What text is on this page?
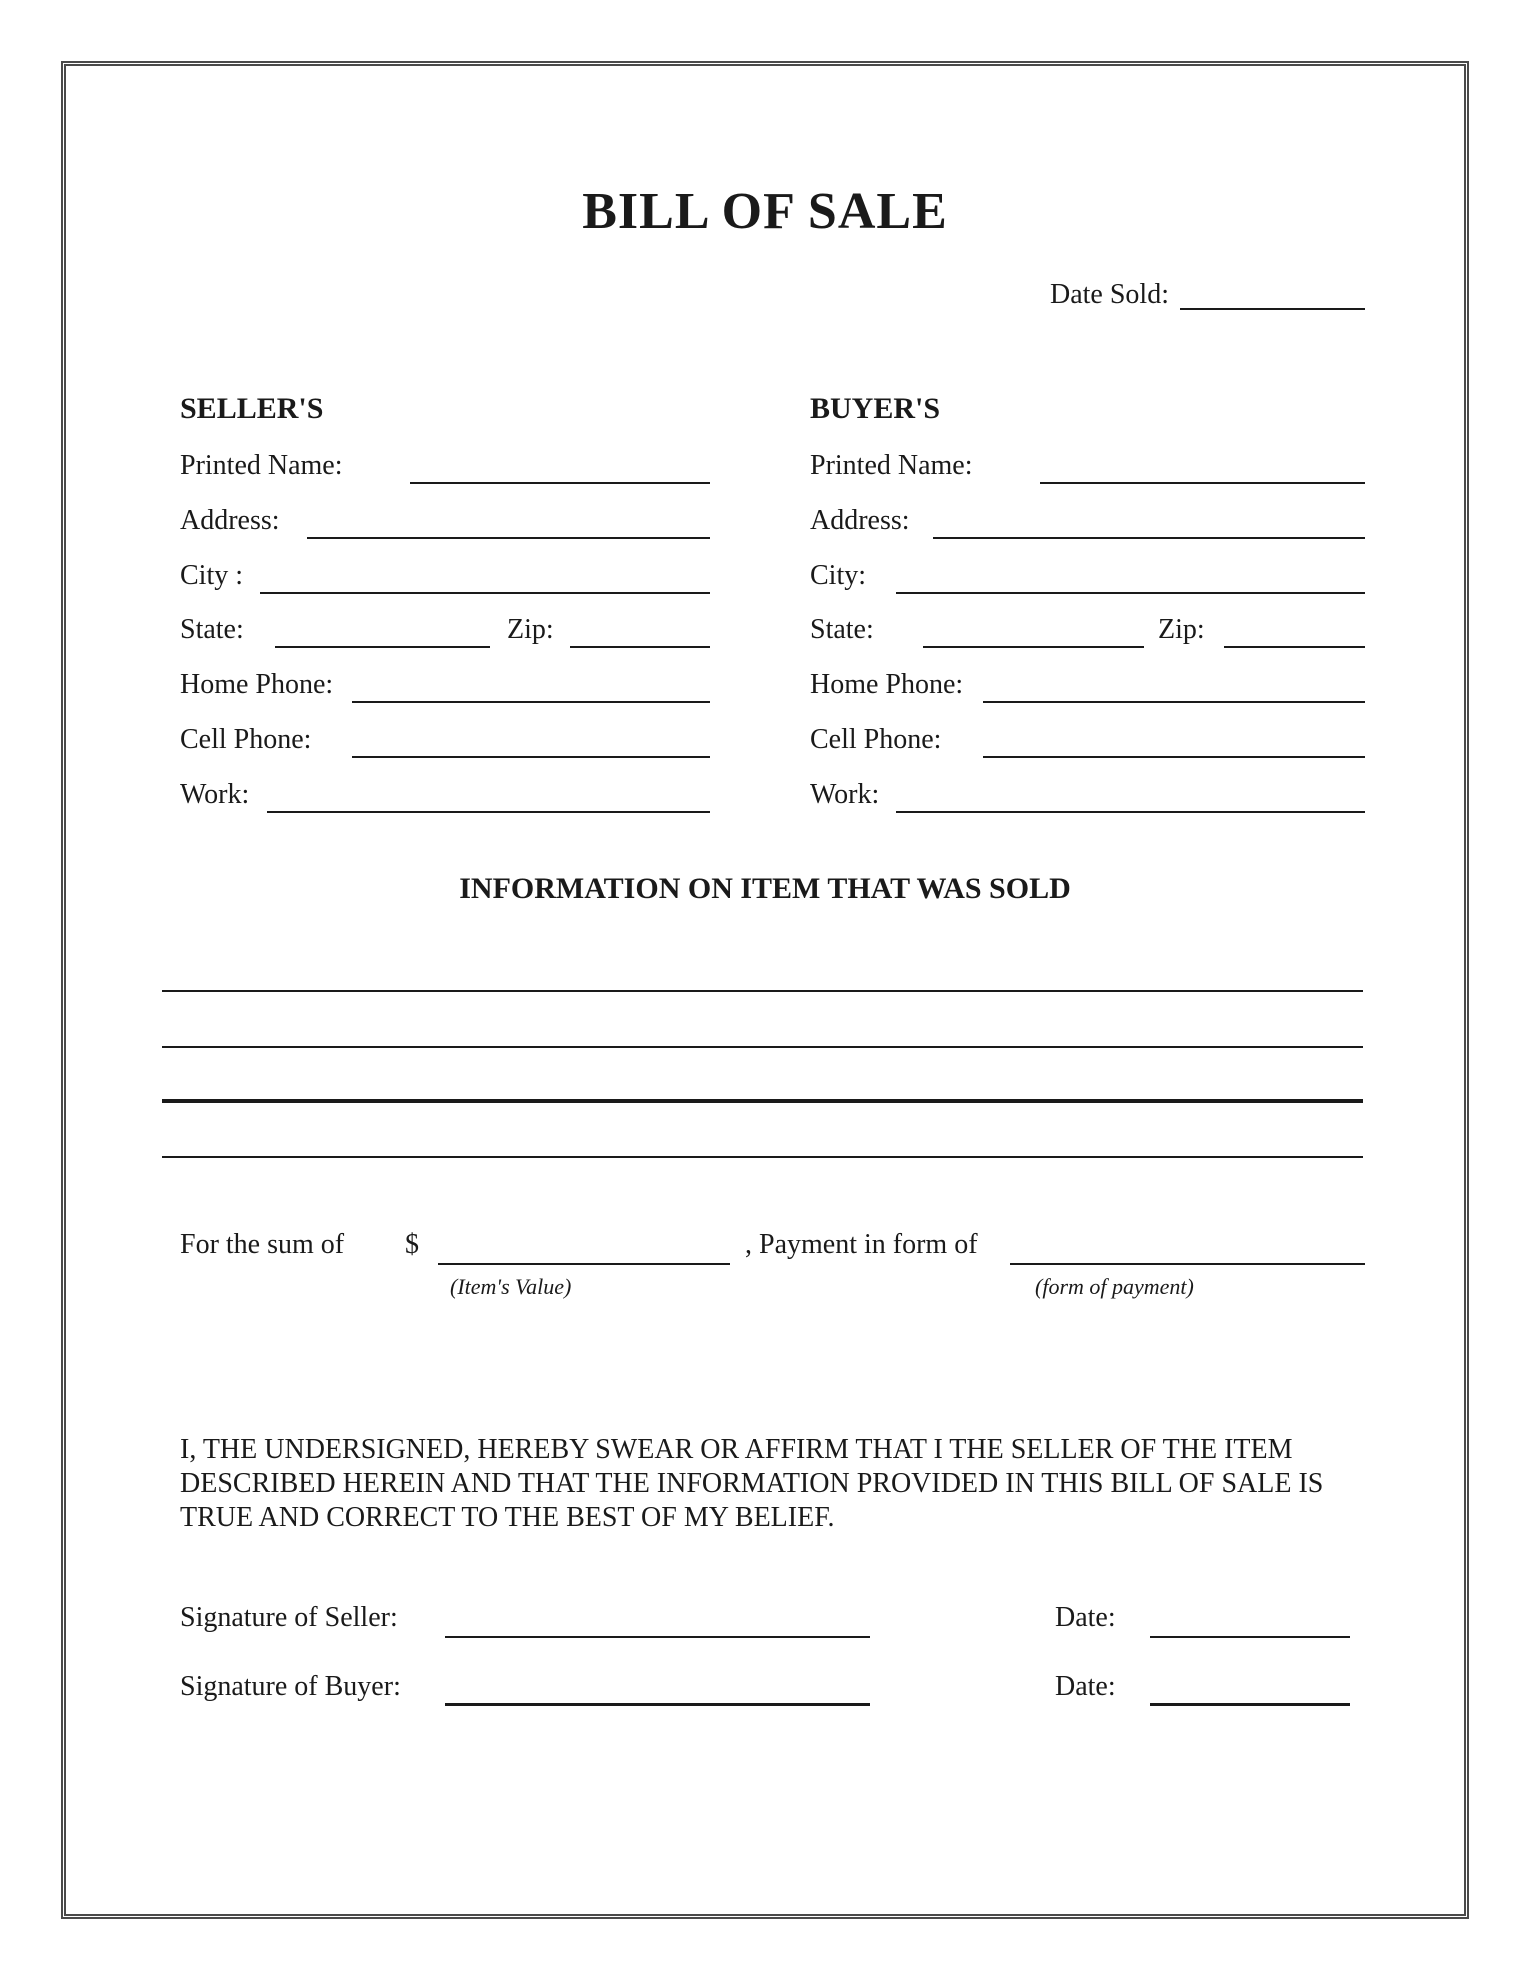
BILL OF SALE
Date Sold:
SELLER'S
Printed Name:
Address:
City :
State:	Zip:
Home Phone:
Cell Phone:
Work:
BUYER'S
Printed Name:
Address:
City:
State:	Zip:
Home Phone:
Cell Phone:
Work:
INFORMATION ON ITEM THAT WAS SOLD
For the sum of $
(Item's Value)
, Payment in form of
(form of payment)
I, THE UNDERSIGNED, HEREBY SWEAR OR AFFIRM THAT I THE SELLER OF THE ITEM
DESCRIBED HEREIN AND THAT THE INFORMATION PROVIDED IN THIS BILL OF SALE IS
TRUE AND CORRECT TO THE BEST OF MY BELIEF.
Signature of Seller:	Date:
Signature of Buyer:	Date:
